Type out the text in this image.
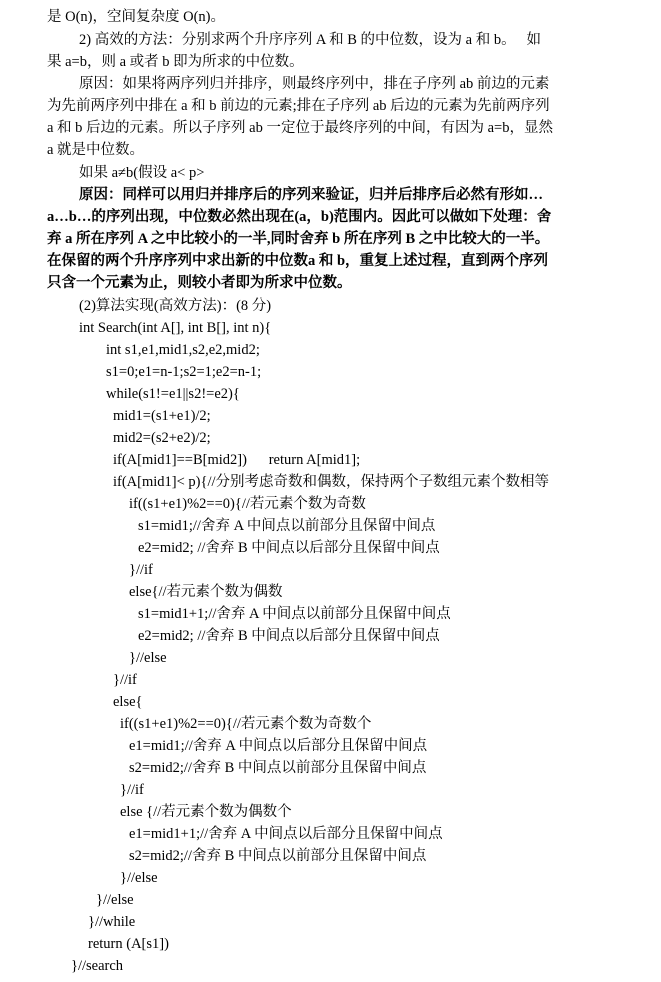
是 O(n)，空间复杂度 O(n)。
2) 高效的方法：分别求两个升序序列 A 和 B 的中位数，设为 a 和 b。   如
果 a=b，则 a 或者 b 即为所求的中位数。
原因：如果将两序列归并排序，则最终序列中，排在子序列 ab 前边的元素
为先前两序列中排在 a 和 b 前边的元素;排在子序列 ab 后边的元素为先前两序列
a 和 b 后边的元素。所以子序列 ab 一定位于最终序列的中间，有因为 a=b，显然
a 就是中位数。
如果 a≠b(假设 a< p>
原因：同样可以用归并排序后的序列来验证，归并后排序后必然有形如…
a…b…的序列出现，中位数必然出现在(a，b)范围内。因此可以做如下处理：舍
弃 a 所在序列 A 之中比较小的一半,同时舍弃 b 所在序列 B 之中比较大的一半。
在保留的两个升序序列中求出新的中位数a 和 b，重复上述过程，直到两个序列
只含一个元素为止，则较小者即为所求中位数。
(2)算法实现(高效方法)：(8 分)
int Search(int A[], int B[], int n){
int s1,e1,mid1,s2,e2,mid2;
s1=0;e1=n-1;s2=1;e2=n-1;
while(s1!=e1||s2!=e2){
mid1=(s1+e1)/2;
mid2=(s2+e2)/2;
if(A[mid1]==B[mid2])      return A[mid1];
if(A[mid1]< p){//分别考虑奇数和偶数，保持两个子数组元素个数相等
if((s1+e1)%2==0){//若元素个数为奇数
s1=mid1;//舍弃 A 中间点以前部分且保留中间点
e2=mid2; //舍弃 B 中间点以后部分且保留中间点
}//if
else{//若元素个数为偶数
s1=mid1+1;//舍弃 A 中间点以前部分且保留中间点
e2=mid2; //舍弃 B 中间点以后部分且保留中间点
}//else
}//if
else{
if((s1+e1)%2==0){//若元素个数为奇数个
e1=mid1;//舍弃 A 中间点以后部分且保留中间点
s2=mid2;//舍弃 B 中间点以前部分且保留中间点
}//if
else {//若元素个数为偶数个
e1=mid1+1;//舍弃 A 中间点以后部分且保留中间点
s2=mid2;//舍弃 B 中间点以前部分且保留中间点
}//else
}//else
}//while
return (A[s1])
}//search
